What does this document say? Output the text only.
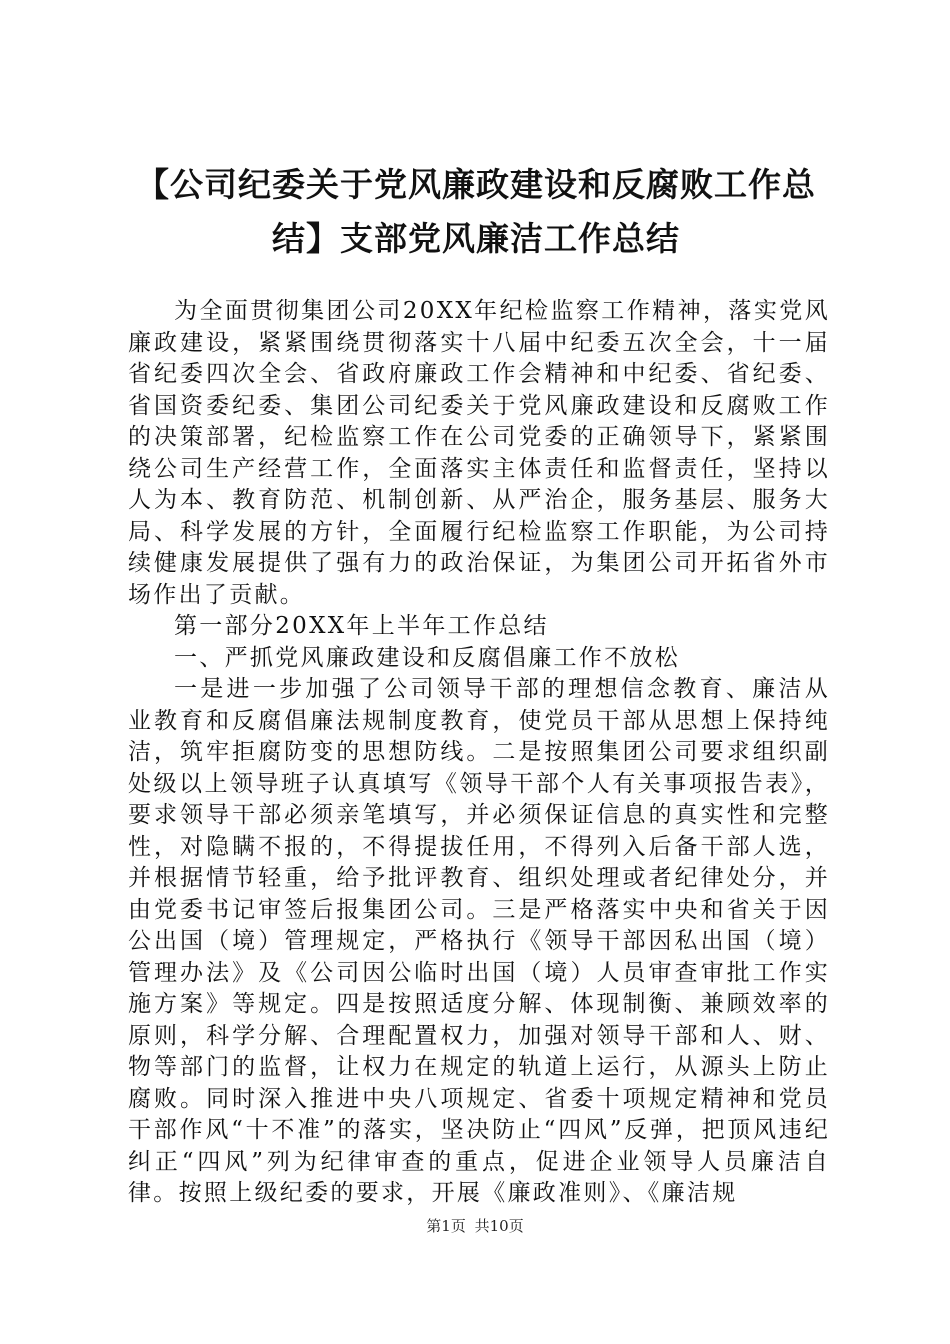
【公司纪委关于党风廉政建设和反腐败工作总结】支部党风廉洁工作总结

为全面贯彻集团公司20XX年纪检监察工作精神，落实党风廉政建设，紧紧围绕贯彻落实十八届中纪委五次全会，十一届省纪委四次全会、省政府廉政工作会精神和中纪委、省纪委、省国资委纪委、集团公司纪委关于党风廉政建设和反腐败工作的决策部署，纪检监察工作在公司党委的正确领导下，紧紧围绕公司生产经营工作，全面落实主体责任和监督责任，坚持以人为本、教育防范、机制创新、从严治企，服务基层、服务大局、科学发展的方针，全面履行纪检监察工作职能，为公司持续健康发展提供了强有力的政治保证，为集团公司开拓省外市场作出了贡献。

第一部分20XX年上半年工作总结

一、严抓党风廉政建设和反腐倡廉工作不放松

一是进一步加强了公司领导干部的理想信念教育、廉洁从业教育和反腐倡廉法规制度教育，使党员干部从思想上保持纯洁，筑牢拒腐防变的思想防线。二是按照集团公司要求组织副处级以上领导班子认真填写《领导干部个人有关事项报告表》，要求领导干部必须亲笔填写，并必须保证信息的真实性和完整性，对隐瞒不报的，不得提拔任用，不得列入后备干部人选，并根据情节轻重，给予批评教育、组织处理或者纪律处分，并由党委书记审签后报集团公司。三是严格落实中央和省关于因公出国（境）管理规定，严格执行《领导干部因私出国（境）管理办法》及《公司因公临时出国（境）人员审查审批工作实施方案》等规定。四是按照适度分解、体现制衡、兼顾效率的原则，科学分解、合理配置权力，加强对领导干部和人、财、物等部门的监督，让权力在规定的轨道上运行，从源头上防止腐败。同时深入推进中央八项规定、省委十项规定精神和党员干部作风“十不准”的落实，坚决防止“四风”反弹，把顶风违纪纠正“四风”列为纪律审查的重点，促进企业领导人员廉洁自律。按照上级纪委的要求，开展《廉政准则》、《廉洁规

第1页 共10页
